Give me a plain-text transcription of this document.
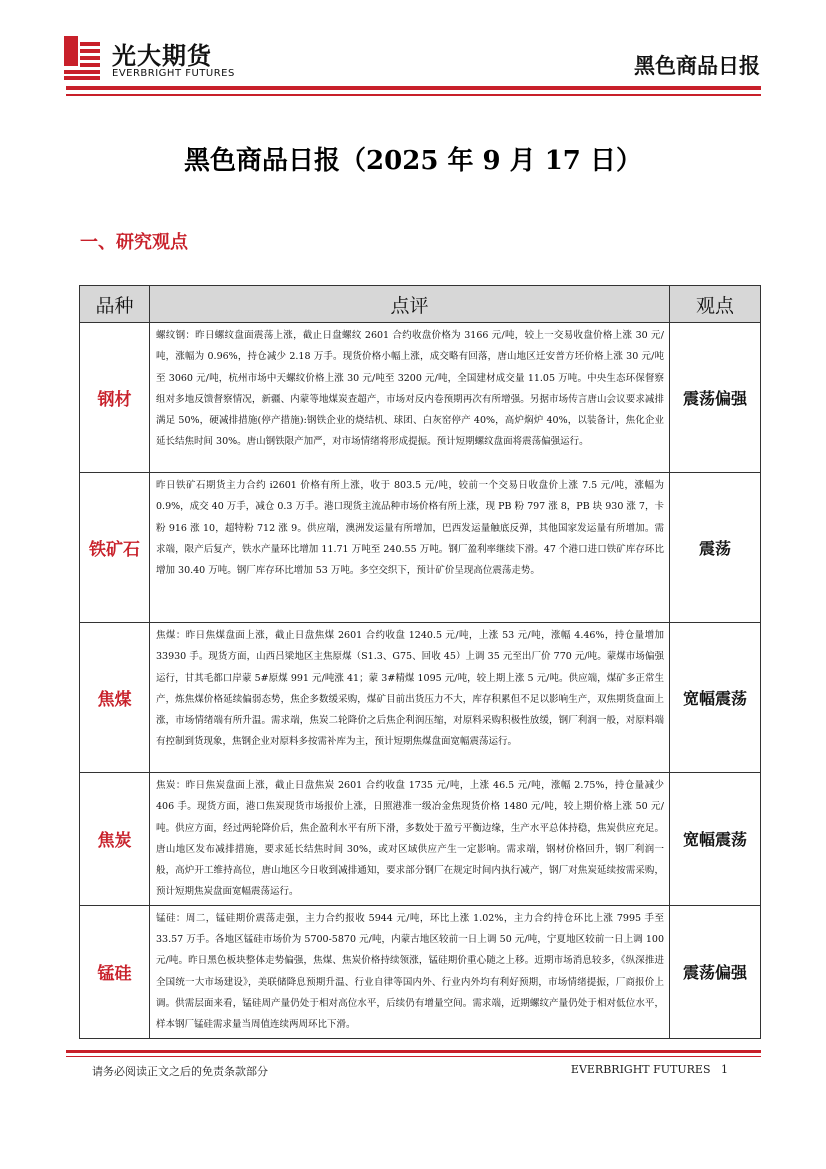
光大期货
EVERBRIGHT FUTURES	黑色商品日报
黑色商品日报（2025 年 9 月 17 日）
一、研究观点
品种	点评	观点
钢材	螺纹钢：昨日螺纹盘面震荡上涨，截止日盘螺纹 2601 合约收盘价格为 3166 元/吨，较上一交易收盘价格上涨 30 元/吨，涨幅为 0.96%，持仓减少 2.18 万手。现货价格小幅上涨，成交略有回落，唐山地区迁安普方坯价格上涨 30 元/吨至 3060 元/吨，杭州市场中天螺纹价格上涨 30 元/吨至 3200 元/吨，全国建材成交量 11.05 万吨。中央生态环保督察组对多地反馈督察情况，新疆、内蒙等地煤炭查超产，市场对反内卷预期再次有所增强。另据市场传言唐山会议要求减排满足 50%，硬减排措施(停产措施):钢铁企业的烧结机、球团、白灰窑停产 40%，高炉焖炉 40%，以装备计，焦化企业延长结焦时间 30%。唐山钢铁限产加严，对市场情绪将形成提振。预计短期螺纹盘面将震荡偏强运行。	震荡偏强
铁矿石	昨日铁矿石期货主力合约 i2601 价格有所上涨，收于 803.5 元/吨，较前一个交易日收盘价上涨 7.5 元/吨，涨幅为 0.9%，成交 40 万手，减仓 0.3 万手。港口现货主流品种市场价格有所上涨，现 PB 粉 797 涨 8，PB 块 930 涨 7，卡粉 916 涨 10，超特粉 712 涨 9。供应端，澳洲发运量有所增加，巴西发运量触底反弹，其他国家发运量有所增加。需求端，限产后复产，铁水产量环比增加 11.71 万吨至 240.55 万吨。钢厂盈利率继续下滑。47 个港口进口铁矿库存环比增加 30.40 万吨。钢厂库存环比增加 53 万吨。多空交织下，预计矿价呈现高位震荡走势。	震荡
焦煤	焦煤：昨日焦煤盘面上涨，截止日盘焦煤 2601 合约收盘 1240.5 元/吨，上涨 53 元/吨，涨幅 4.46%，持仓量增加 33930 手。现货方面，山西吕梁地区主焦原煤（S1.3、G75、回收 45）上调 35 元至出厂价 770 元/吨。蒙煤市场偏强运行，甘其毛都口岸蒙 5#原煤 991 元/吨涨 41；蒙 3#精煤 1095 元/吨，较上期上涨 5 元/吨。供应端，煤矿多正常生产，炼焦煤价格延续偏弱态势，焦企多数缓采购，煤矿目前出货压力不大，库存积累但不足以影响生产，双焦期货盘面上涨，市场情绪端有所升温。需求端，焦炭二轮降价之后焦企利润压缩，对原料采购积极性放缓，钢厂利润一般，对原料端有控制到货现象，焦钢企业对原料多按需补库为主，预计短期焦煤盘面宽幅震荡运行。	宽幅震荡
焦炭	焦炭：昨日焦炭盘面上涨，截止日盘焦炭 2601 合约收盘 1735 元/吨，上涨 46.5 元/吨，涨幅 2.75%，持仓量减少 406 手。现货方面，港口焦炭现货市场报价上涨，日照港准一级冶金焦现货价格 1480 元/吨，较上期价格上涨 50 元/吨。供应方面，经过两轮降价后，焦企盈利水平有所下滑，多数处于盈亏平衡边缘，生产水平总体持稳，焦炭供应充足。唐山地区发布减排措施，要求延长结焦时间 30%，或对区域供应产生一定影响。需求端，钢材价格回升，钢厂利润一般，高炉开工维持高位，唐山地区今日收到减排通知，要求部分钢厂在规定时间内执行减产，钢厂对焦炭延续按需采购，预计短期焦炭盘面宽幅震荡运行。	宽幅震荡
锰硅	锰硅：周二，锰硅期价震荡走强，主力合约报收 5944 元/吨，环比上涨 1.02%，主力合约持仓环比上涨 7995 手至 33.57 万手。各地区锰硅市场价为 5700-5870 元/吨，内蒙古地区较前一日上调 50 元/吨，宁夏地区较前一日上调 100 元/吨。昨日黑色板块整体走势偏强，焦煤、焦炭价格持续领涨，锰硅期价重心随之上移。近期市场消息较多，《纵深推进全国统一大市场建设》，美联储降息预期升温、行业自律等国内外、行业内外均有利好预期，市场情绪提振，厂商报价上调。供需层面来看，锰硅周产量仍处于相对高位水平，后续仍有增量空间。需求端，近期螺纹产量仍处于相对低位水平，样本钢厂锰硅需求量当周值连续两周环比下滑。	震荡偏强
请务必阅读正文之后的免责条款部分	EVERBRIGHT FUTURES 1
